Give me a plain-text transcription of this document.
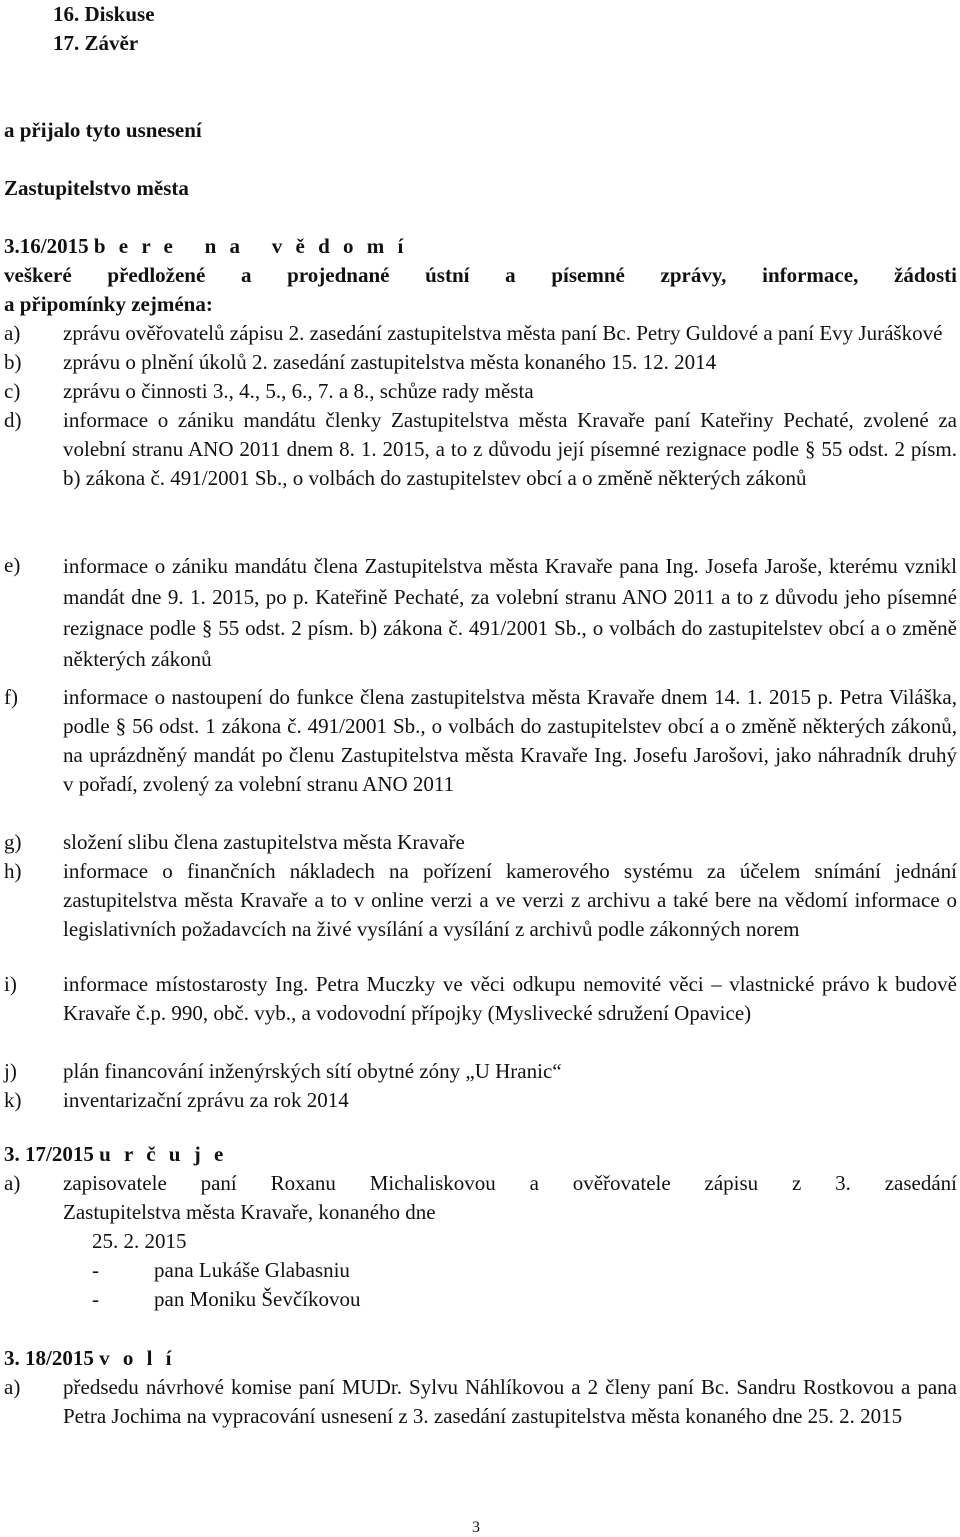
16. Diskuse
17. Závěr
a přijalo tyto usnesení
Zastupitelstvo města
3.16/2015 b e r e   n a   v ě d o m í
veškeré předložené a projednané ústní a písemné zprávy, informace, žádosti
a připomínky zejména:
a) zprávu ověřovatelů zápisu 2. zasedání zastupitelstva města paní Bc. Petry Guldové a paní Evy Juráškové
b) zprávu o plnění úkolů 2. zasedání zastupitelstva města konaného 15. 12. 2014
c) zprávu o činnosti 3., 4., 5., 6., 7. a 8., schůze rady města
d) informace o zániku mandátu členky Zastupitelstva města Kravaře paní Kateřiny Pechaté, zvolené za volební stranu ANO 2011 dnem 8. 1. 2015, a to z důvodu její písemné rezignace podle § 55 odst. 2 písm. b) zákona č. 491/2001 Sb., o volbách do zastupitelstev obcí a o změně některých zákonů
e) informace o zániku mandátu člena Zastupitelstva města Kravaře pana Ing. Josefa Jaroše, kterému vznikl mandát dne 9. 1. 2015, po p. Kateřině Pechaté, za volební stranu ANO 2011 a to z důvodu jeho písemné rezignace podle § 55 odst. 2 písm. b) zákona č. 491/2001 Sb., o volbách do zastupitelstev obcí a o změně některých zákonů
f) informace o nastoupení do funkce člena zastupitelstva města Kravaře dnem 14. 1. 2015 p. Petra Viláška, podle § 56 odst. 1 zákona č. 491/2001 Sb., o volbách do zastupitelstev obcí a o změně některých zákonů, na uprázdněný mandát po členu Zastupitelstva města Kravaře Ing. Josefu Jarošovi, jako náhradník druhý v pořadí, zvolený za volební stranu ANO 2011
g) složení slibu člena zastupitelstva města Kravaře
h) informace o finančních nákladech na pořízení kamerového systému za účelem snímání jednání zastupitelstva města Kravaře a to v online verzi a ve verzi z archivu a také bere na vědomí informace o legislativních požadavcích na živé vysílání a vysílání z archivů podle zákonných norem
i) informace místostarosty Ing. Petra Muczky ve věci odkupu nemovité věci – vlastnické právo k budově Kravaře č.p. 990, obč. vyb., a vodovodní přípojky (Myslivecké sdružení Opavice)
j) plán financování inženýrských sítí obytné zóny „U Hranic“
k) inventarizační zprávu za rok 2014
3. 17/2015 u r č u j e
a) zapisovatele paní Roxanu Michaliskovou a ověřovatele zápisu z 3. zasedání
Zastupitelstva města Kravaře, konaného dne
25. 2. 2015
-	pana Lukáše Glabasniu
-	pan Moniku Ševčíkovou
3. 18/2015 v o l í
a) předsedu návrhové komise paní MUDr. Sylvu Náhlíkovou a 2 členy paní Bc. Sandru Rostkovou a pana Petra Jochima na vypracování usnesení z 3. zasedání zastupitelstva města konaného dne 25. 2. 2015
3
